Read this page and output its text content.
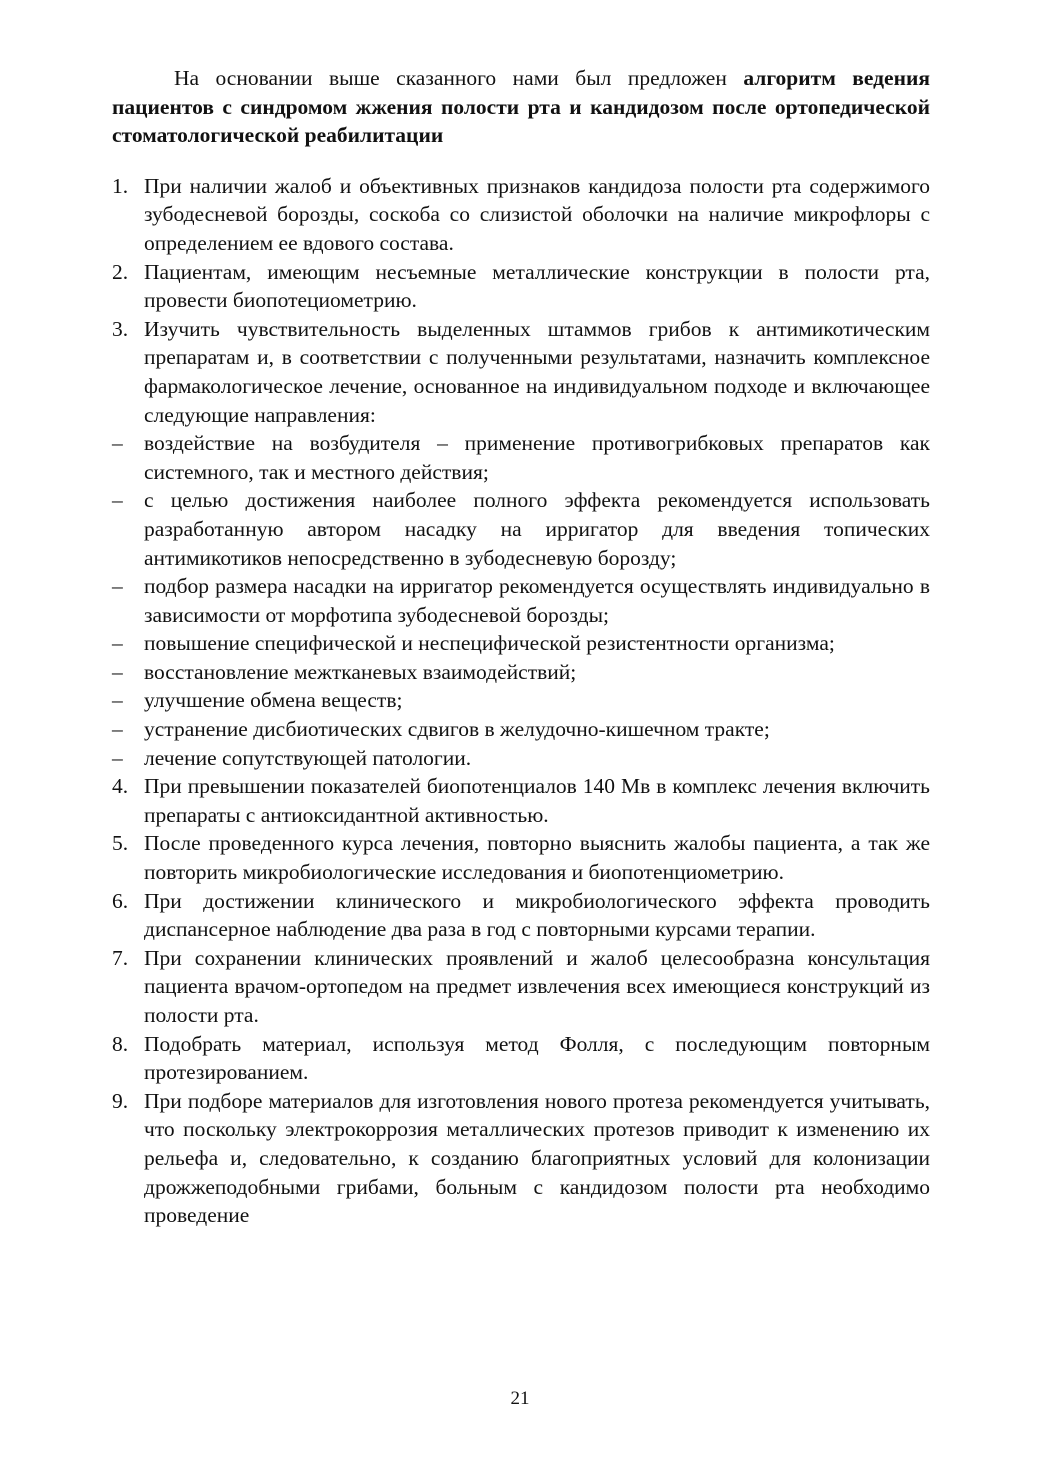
На основании выше сказанного нами был предложен алгоритм ведения пациентов с синдромом жжения полости рта и кандидозом после ортопедической стоматологической реабилитации

1. При наличии жалоб и объективных признаков кандидоза полости рта содержимого зубодесневой борозды, соскоба со слизистой оболочки на наличие микрофлоры с определением ее вдового состава.
2. Пациентам, имеющим несъемные металлические конструкции в полости рта, провести биопотециометрию.
3. Изучить чувствительность выделенных штаммов грибов к антимикотическим препаратам и, в соответствии с полученными результатами, назначить комплексное фармакологическое лечение, основанное на индивидуальном подходе и включающее следующие направления:
– воздействие на возбудителя – применение противогрибковых препаратов как системного, так и местного действия;
– с целью достижения наиболее полного эффекта рекомендуется использовать разработанную автором насадку на ирригатор для введения топических антимикотиков непосредственно в зубодесневую борозду;
– подбор размера насадки на ирригатор рекомендуется осуществлять индивидуально в зависимости от морфотипа зубодесневой борозды;
– повышение специфической и неспецифической резистентности организма;
– восстановление межтканевых взаимодействий;
– улучшение обмена веществ;
– устранение дисбиотических сдвигов в желудочно-кишечном тракте;
– лечение сопутствующей патологии.
4. При превышении показателей биопотенциалов 140 Мв в комплекс лечения включить препараты с антиоксидантной активностью.
5. После проведенного курса лечения, повторно выяснить жалобы пациента, а так же повторить микробиологические исследования и биопотенциометрию.
6. При достижении клинического и микробиологического эффекта проводить диспансерное наблюдение два раза в год с повторными курсами терапии.
7. При сохранении клинических проявлений и жалоб целесообразна консультация пациента врачом-ортопедом на предмет извлечения всех имеющиеся конструкций из полости рта.
8. Подобрать материал, используя метод Фолля, с последующим повторным протезированием.
9. При подборе материалов для изготовления нового протеза рекомендуется учитывать, что поскольку электрокоррозия металлических протезов приводит к изменению их рельефа и, следовательно, к созданию благоприятных условий для колонизации дрожжеподобными грибами, больным с кандидозом полости рта необходимо проведение
21
